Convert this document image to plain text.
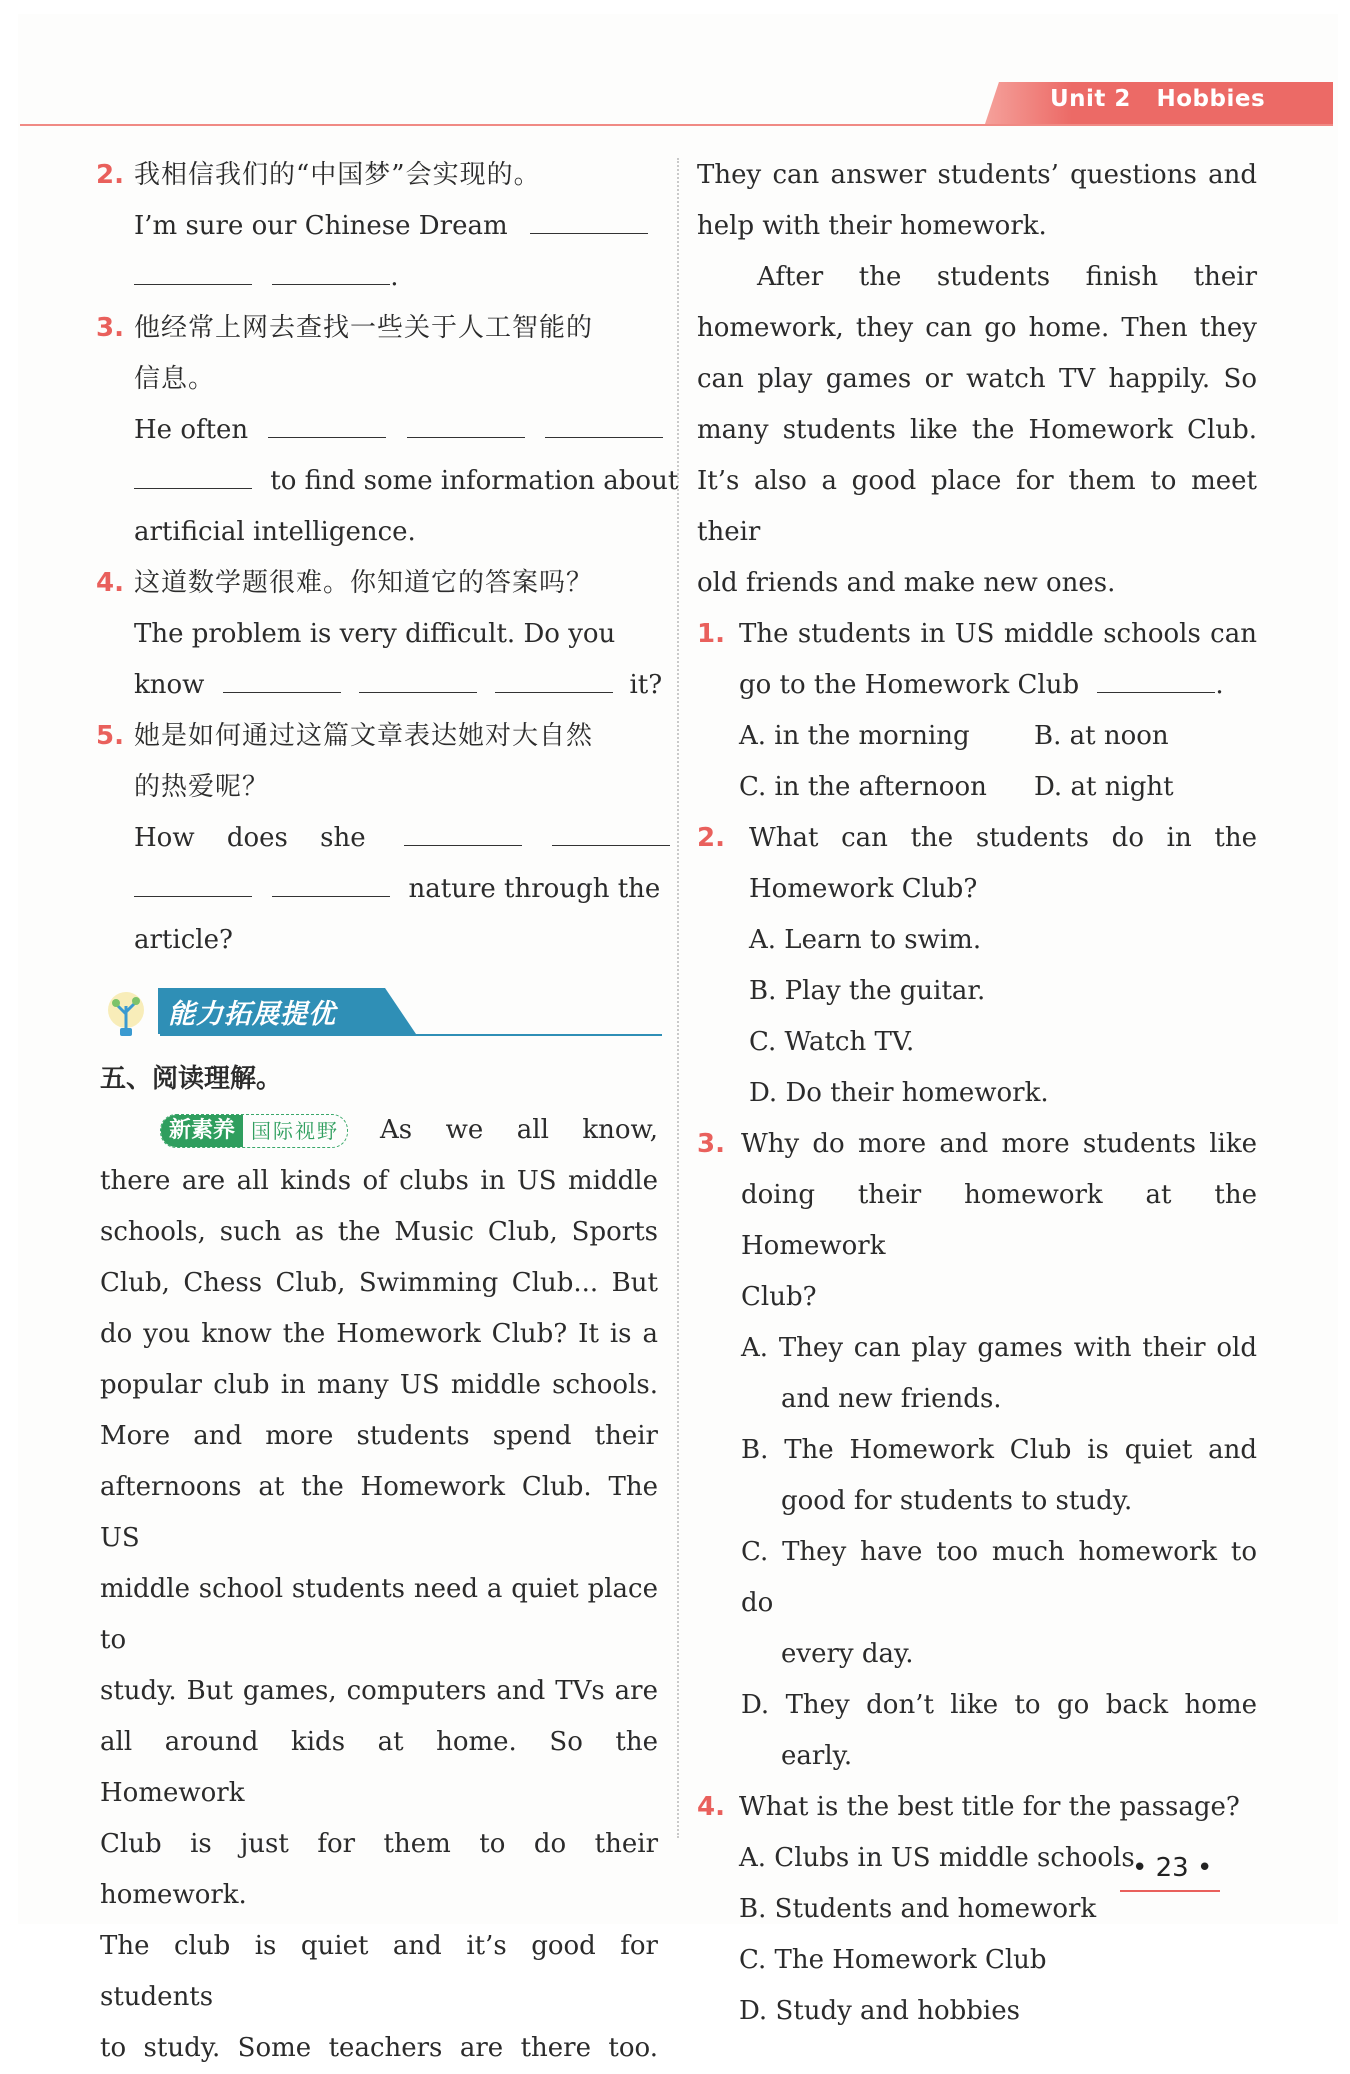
Unit 2 Hobbies
2. 我相信我们的“中国梦”会实现的。
I’m sure our Chinese Dream
.
3. 他经常上网去查找一些关于人工智能的
信息。
He often
to find some information about
artificial intelligence.
4. 这道数学题很难。你知道它的答案吗？
The problem is very difficult. Do you
know	it?
5. 她是如何通过这篇文章表达她对大自然
的热爱呢？
How does she
nature through the
article?
能力拓展提优
五、阅读理解。
新素养 国际视野	As we all know,
there are all kinds of clubs in US middle
schools, such as the Music Club, Sports
Club, Chess Club, Swimming Club... But
do you know the Homework Club? It is a
popular club in many US middle schools.
More and more students spend their
afternoons at the Homework Club. The US
middle school students need a quiet place to
study. But games, computers and TVs are
all around kids at home. So the Homework
Club is just for them to do their homework.
The club is quiet and it’s good for students
to study. Some teachers are there too.
They can answer students’ questions and
help with their homework.
After the students finish their
homework, they can go home. Then they
can play games or watch TV happily. So
many students like the Homework Club.
It’s also a good place for them to meet their
old friends and make new ones.
1. The students in US middle schools can
go to the Homework Club	.
A. in the morning	B. at noon
C. in the afternoon	D. at night
2. What can the students do in the
Homework Club?
A. Learn to swim.
B. Play the guitar.
C. Watch TV.
D. Do their homework.
3. Why do more and more students like
doing their homework at the Homework
Club?
A. They can play games with their old
and new friends.
B. The Homework Club is quiet and
good for students to study.
C. They have too much homework to do
every day.
D. They don’t like to go back home
early.
4. What is the best title for the passage?
A. Clubs in US middle schools
B. Students and homework
C. The Homework Club
D. Study and hobbies
• 23 •
